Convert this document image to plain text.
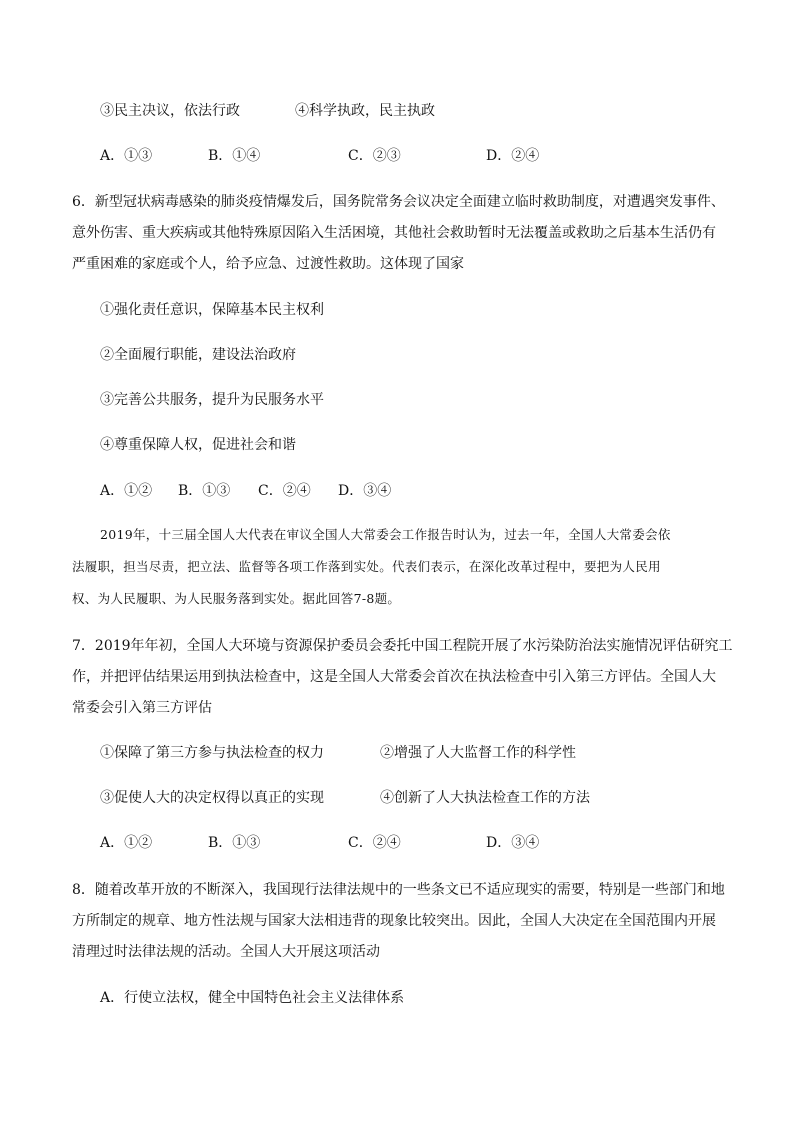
③民主决议，依法行政	④科学执政，民主执政
A．①③	B．①④	C．②③	D．②④
6．新型冠状病毒感染的肺炎疫情爆发后，国务院常务会议决定全面建立临时救助制度，对遭遇突发事件、
意外伤害、重大疾病或其他特殊原因陷入生活困境，其他社会救助暂时无法覆盖或救助之后基本生活仍有
严重困难的家庭或个人，给予应急、过渡性救助。这体现了国家
①强化责任意识，保障基本民主权利
②全面履行职能，建设法治政府
③完善公共服务，提升为民服务水平
④尊重保障人权，促进社会和谐
A．①② B．①③ C．②④ D．③④
2019年，十三届全国人大代表在审议全国人大常委会工作报告时认为，过去一年，全国人大常委会依
法履职，担当尽责，把立法、监督等各项工作落到实处。代表们表示，在深化改革过程中，要把为人民用
权、为人民履职、为人民服务落到实处。据此回答7-8题。
7．2019年年初，全国人大环境与资源保护委员会委托中国工程院开展了水污染防治法实施情况评估研究工
作，并把评估结果运用到执法检查中，这是全国人大常委会首次在执法检查中引入第三方评估。全国人大
常委会引入第三方评估
①保障了第三方参与执法检查的权力	②增强了人大监督工作的科学性
③促使人大的决定权得以真正的实现	④创新了人大执法检查工作的方法
A．①②	B．①③	C．②④	D．③④
8．随着改革开放的不断深入，我国现行法律法规中的一些条文已不适应现实的需要，特别是一些部门和地
方所制定的规章、地方性法规与国家大法相违背的现象比较突出。因此，全国人大决定在全国范围内开展
清理过时法律法规的活动。全国人大开展这项活动
A．行使立法权，健全中国特色社会主义法律体系
